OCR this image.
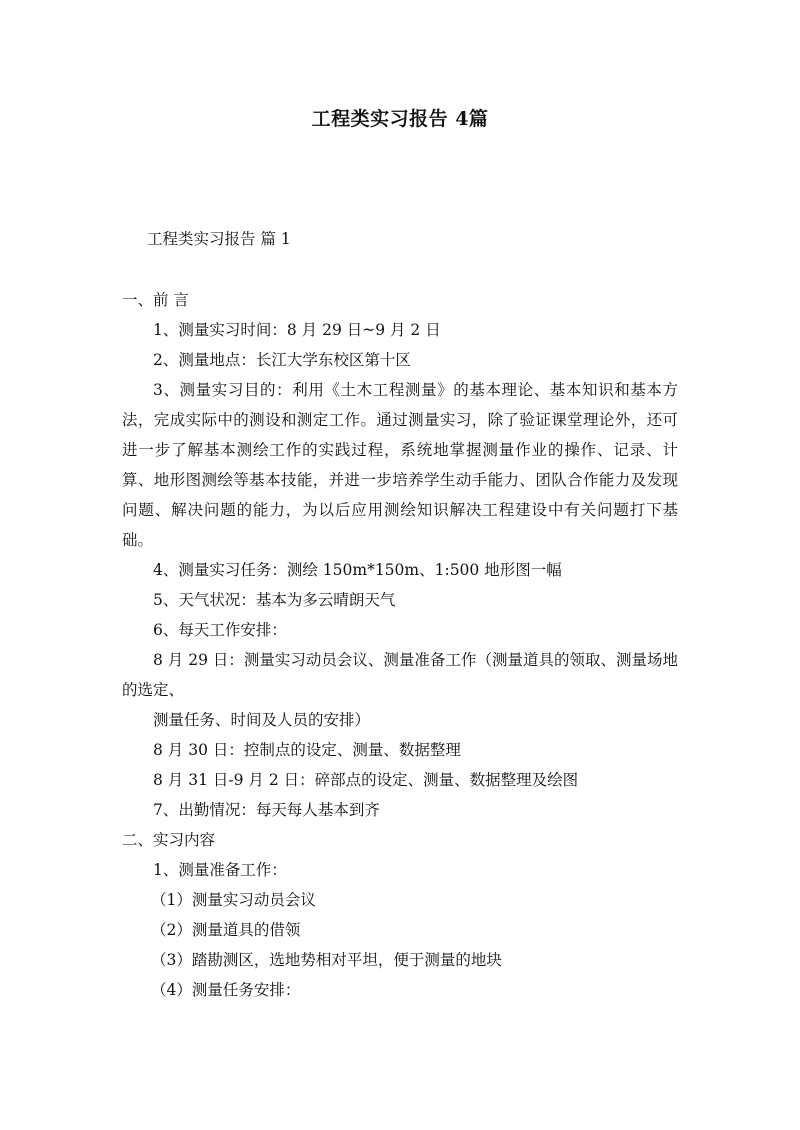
工程类实习报告 4篇

工程类实习报告 篇 1

一、前 言

1、测量实习时间：8 月 29 日~9 月 2 日

2、测量地点：长江大学东校区第十区

3、测量实习目的：利用《土木工程测量》的基本理论、基本知识和基本方法，完成实际中的测设和测定工作。通过测量实习，除了验证课堂理论外，还可进一步了解基本测绘工作的实践过程，系统地掌握测量作业的操作、记录、计算、地形图测绘等基本技能，并进一步培养学生动手能力、团队合作能力及发现问题、解决问题的能力，为以后应用测绘知识解决工程建设中有关问题打下基础。

4、测量实习任务：测绘 150m*150m、1:500 地形图一幅

5、天气状况：基本为多云晴朗天气

6、每天工作安排：

8 月 29 日：测量实习动员会议、测量准备工作（测量道具的领取、测量场地的选定、

测量任务、时间及人员的安排）

8 月 30 日：控制点的设定、测量、数据整理

8 月 31 日-9 月 2 日：碎部点的设定、测量、数据整理及绘图

7、出勤情况：每天每人基本到齐

二、实习内容

1、测量准备工作：

（1）测量实习动员会议

（2）测量道具的借领

（3）踏勘测区，选地势相对平坦，便于测量的地块

（4）测量任务安排：
